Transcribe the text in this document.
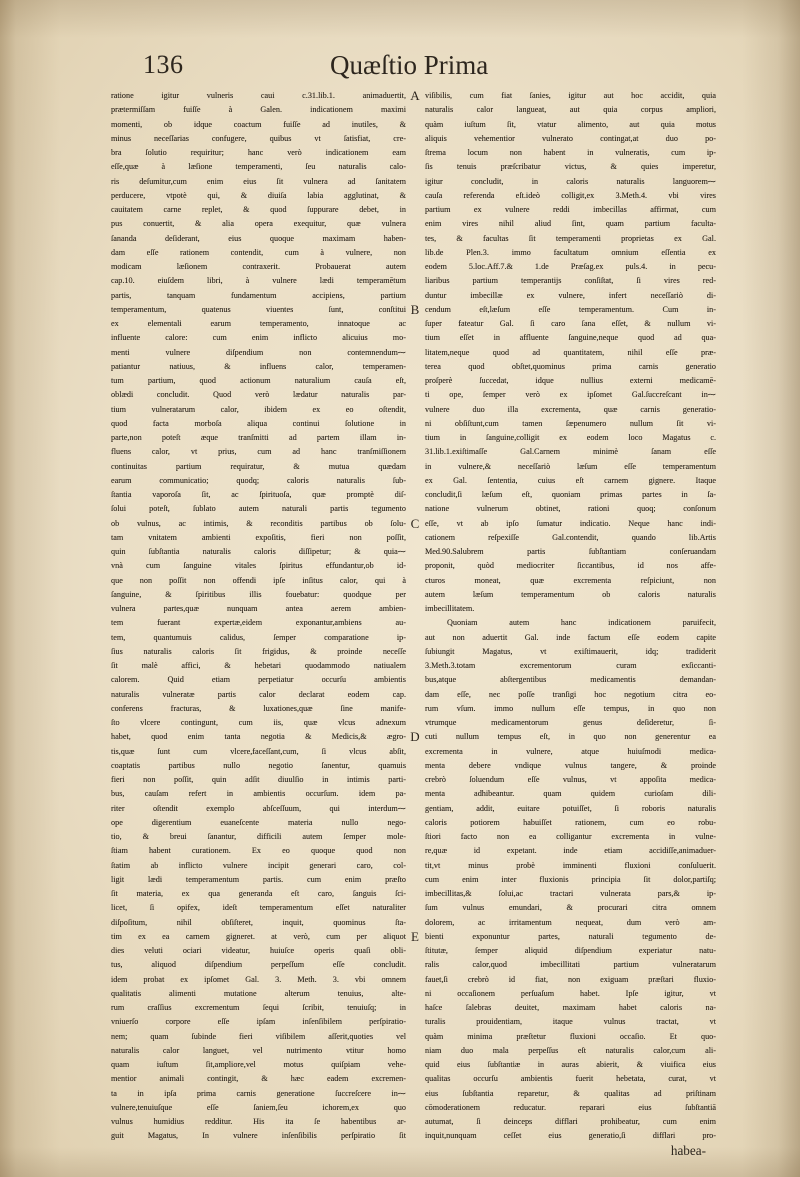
136	Quæſtio Prima
ratione igitur vulneris caui c.31.lib.1. animaduertit,
prætermiſſam fuiſſe à Galen. indicationem maximi
momenti, ob idque coactum fuiſſe ad inutiles, &
minus neceſſarias confugere, quibus vt ſatisfiat, cre-
bra ſolutio requiritur; hanc verò indicationem eam
eſſe,quæ à læſione temperamenti, ſeu naturalis calo-
ris deſumitur,cum enim eius ſit vulnera ad ſanitatem
perducere, vtpotè qui, & diuiſa labia agglutinat, &
cauitatem carne replet, & quod ſuppurare debet, in
pus conuertit, & alia opera exequitur, quæ vulnera
ſananda deſiderant, eius quoque maximam haben-
dam eſſe rationem contendit, cum à vulnere, non
modicam læſionem contraxerit. Probauerat autem
cap.10. eiuſdem libri, à vulnere lædi temperamētum
partis, tanquam fundamentum accipiens, partium
temperamentum, quatenus viuentes ſunt, conſtitui
ex elementali earum temperamento, innatoque ac
influente calore: cum enim inflicto alicuius mo-
menti vulnere diſpendium non contemnendum⁓
patiantur natiuus, & influens calor, temperamen-
tum partium, quod actionum naturalium cauſa eſt,
oblædi concludit. Quod verò lædatur naturalis par-
tium vulneratarum calor, ibidem ex eo oſtendit,
quod facta morboſa aliqua continui ſolutione in
parte,non poteſt æque tranſmitti ad partem illam in-
fluens calor, vt prius, cum ad hanc tranſmiſſionem
continuitas partium requiratur, & mutua quædam
earum communicatio; quodq; caloris naturalis ſub-
ſtantia vaporoſa ſit, ac ſpirituoſa, quæ promptè diſ-
ſolui poteſt, ſublato autem naturali partis tegumento
ob vulnus, ac intimis, & reconditis partibus ob ſolu-
tam vnitatem ambienti expoſitis, fieri non poſſit,
quin ſubſtantia naturalis caloris diſſipetur; & quia⁓
vnà cum ſanguine vitales ſpiritus effundantur,ob id-
que non poſſit non offendi ipſe inſitus calor, qui à
ſanguine, & ſpiritibus illis fouebatur: quodque per
vulnera partes,quæ nunquam antea aerem ambien-
tem fuerant expertæ,eidem exponantur,ambiens au-
tem, quantumuis calidus, ſemper comparatione ip-
ſius naturalis caloris ſit frigidus, & proinde neceſſe
ſit malè affici, & hebetari quodammodo natiualem
calorem. Quid etiam perpetiatur occurſu ambientis
naturalis vulneratæ partis calor declarat eodem cap.
conferens fracturas, & luxationes,quæ ſine manife-
ſto vlcere contingunt, cum iis, quæ vlcus adnexum
habet, quod enim tanta negotia & Medicis,& ægro-
tis,quæ ſunt cum vlcere,faceſſant,cum, ſi vlcus abſit,
coaptatis partibus nullo negotio ſanentur, quamuis
fieri non poſſit, quin adſit diuulſio in intimis parti-
bus, cauſam refert in ambientis occurſum. idem pa-
riter oſtendit exemplo abſceſſuum, qui interdum⁓
ope digerentium euaneſcente materia nullo nego-
tio, & breui ſanantur, difficili autem ſemper mole-
ſtiam habent curationem. Ex eo quoque quod non
ſtatim ab inflicto vulnere incipit generari caro, col-
ligit lædi temperamentum partis. cum enim præſto
ſit materia, ex qua generanda eſt caro, ſanguis ſci-
licet, ſi opifex, ideſt temperamentum eſſet naturaliter
diſpoſitum, nihil obſiſteret, inquit, quominus ſta-
tim ex ea carnem gigneret. at verò, cum per aliquot
dies veluti ociari videatur, huiuſce operis quaſi obli-
tus, aliquod diſpendium perpeſſum eſſe concludit.
idem probat ex ipſomet Gal. 3. Meth. 3. vbi omnem
qualitatis alimenti mutatione alterum tenuius, alte-
rum craſſius excrementum ſequi ſcribit, tenuiuſq; in
vniuerſo corpore eſſe ipſam inſenſibilem perſpiratio-
nem; quam ſubinde fieri viſibilem aſſerit,quoties vel
naturalis calor languet, vel nutrimento vtitur homo
quam iuſtum ſit,ampliore,vel motus quiſpiam vehe-
mentior animali contingit, & hæc eadem excremen-
ta in ipſa prima carnis generatione ſuccreſcere in⁓
vulnere,tenuiuſque eſſe ſaniem,ſeu ichorem,ex quo
vulnus humidius redditur. His ita ſe habentibus ar-
guit Magatus, In vulnere inſenſibilis perſpiratio ſit
A
B
C
D
E
viſibilis, cum fiat ſanies, igitur aut hoc accidit, quia
naturalis calor langueat, aut quia corpus ampliori,
quàm iuſtum ſit, vtatur alimento, aut quia motus
aliquis vehementior vulnerato contingat,at duo po-
ſtrema locum non habent in vulneratis, cum ip-
ſis tenuis præſcribatur victus, & quies imperetur,
igitur concludit, in caloris naturalis languorem⁓
cauſa referenda eſt.ideò colligit,ex 3.Meth.4. vbi vires
partium ex vulnere reddi imbecillas affirmat, cum
enim vires nihil aliud ſint, quam partium faculta-
tes, & facultas ſit temperamenti proprietas ex Gal.
lib.de Plen.3. immo facultatum omnium eſſentia ex
eodem 5.loc.Aff.7.& 1.de Præſag.ex puls.4. in pecu-
liaribus partium temperantijs conſiſtat, ſi vires red-
duntur imbecillæ ex vulnere, infert neceſſariò di-
cendum eſt,læſum eſſe temperamentum. Cum in-
ſuper fateatur Gal. ſi caro ſana eſſet, & nullum vi-
tium eſſet in affluente ſanguine,neque quod ad qua-
litatem,neque quod ad quantitatem, nihil eſſe præ-
terea quod obſtet,quominus prima carnis generatio
proſperè ſuccedat, idque nullius externi medicamē-
ti ope, ſemper verò ex ipſomet Gal.ſuccreſcant in⁓
vulnere duo illa excrementa, quæ carnis generatio-
ni obſiſtunt,cum tamen ſæpenumero nullum ſit vi-
tium in ſanguine,colligit ex eodem loco Magatus c.
31.lib.1.exiſtimaſſe Gal.Carnem minimè ſanam eſſe
in vulnere,& neceſſariò læſum eſſe temperamentum
ex Gal. ſententia, cuius eſt carnem gignere. Itaque
concludit,ſi læſum eſt, quoniam primas partes in ſa-
natione vulnerum obtinet, rationi quoq; conſonum
eſſe, vt ab ipſo ſumatur indicatio. Neque hanc indi-
cationem reſpexiſſe Gal.contendit, quando lib.Artis
Med.90.Salubrem partis ſubſtantiam conſeruandam
proponit, quòd mediocriter ſiccantibus, id nos affe-
cturos moneat, quæ excrementa reſpiciunt, non
autem læſum temperamentum ob caloris naturalis
imbecillitatem.
Quoniam autem hanc indicationem paruifecit,
aut non aduertit Gal. inde factum eſſe eodem capite
ſubiungit Magatus, vt exiſtimauerit, idq; tradiderit
3.Meth.3.totam excrementorum curam exſiccanti-
bus,atque abſtergentibus medicamentis demandan-
dam eſſe, nec poſſe tranſigi hoc negotium citra eo-
rum vſum. immo nullum eſſe tempus, in quo non
vtrumque medicamentorum genus deſideretur, ſi-
cuti nullum tempus eſt, in quo non generentur ea
excrementa in vulnere, atque huiuſmodi medica-
menta debere vndique vulnus tangere, & proinde
crebrò ſoluendum eſſe vulnus, vt appoſita medica-
menta adhibeantur. quam quidem curioſam dili-
gentiam, addit, euitare potuiſſet, ſi roboris naturalis
caloris potiorem habuiſſet rationem, cum eo robu-
ſtiori facto non ea colligantur excrementa in vulne-
re,quæ id expetant. inde etiam accidiſſe,animaduer-
tit,vt minus probè imminenti fluxioni conſuluerit.
cum enim inter fluxionis principia ſit dolor,partiſq;
imbecillitas,& ſolui,ac tractari vulnerata pars,& ip-
ſum vulnus emundari, & procurari citra omnem
dolorem, ac irritamentum nequeat, dum verò am-
bienti exponuntur partes, naturali tegumento de-
ſtitutæ, ſemper aliquid diſpendium experiatur natu-
ralis calor,quod imbecillitati partium vulneratarum
fauet,ſi crebrò id fiat, non exiguam præſtari fluxio-
ni occaſionem perſuaſum habet. Ipſe igitur, vt
haſce ſalebras deuitet, maximam habet caloris na-
turalis prouidentiam, itaque vulnus tractat, vt
quàm minima præſtetur fluxioni occaſio. Et quo-
niam duo mala perpeſſus eſt naturalis calor,cum ali-
quid eius ſubſtantiæ in auras abierit, & viuifica eius
qualitas occurſu ambientis fuerit hebetata, curat, vt
eius ſubſtantia reparetur, & qualitas ad priſtinam
cōmoderationem reducatur. reparari eius ſubſtantiā
autumat, ſi deinceps difflari prohibeatur, cum enim
inquit,nunquam ceſſet eius generatio,ſi difflari pro-
habea-
